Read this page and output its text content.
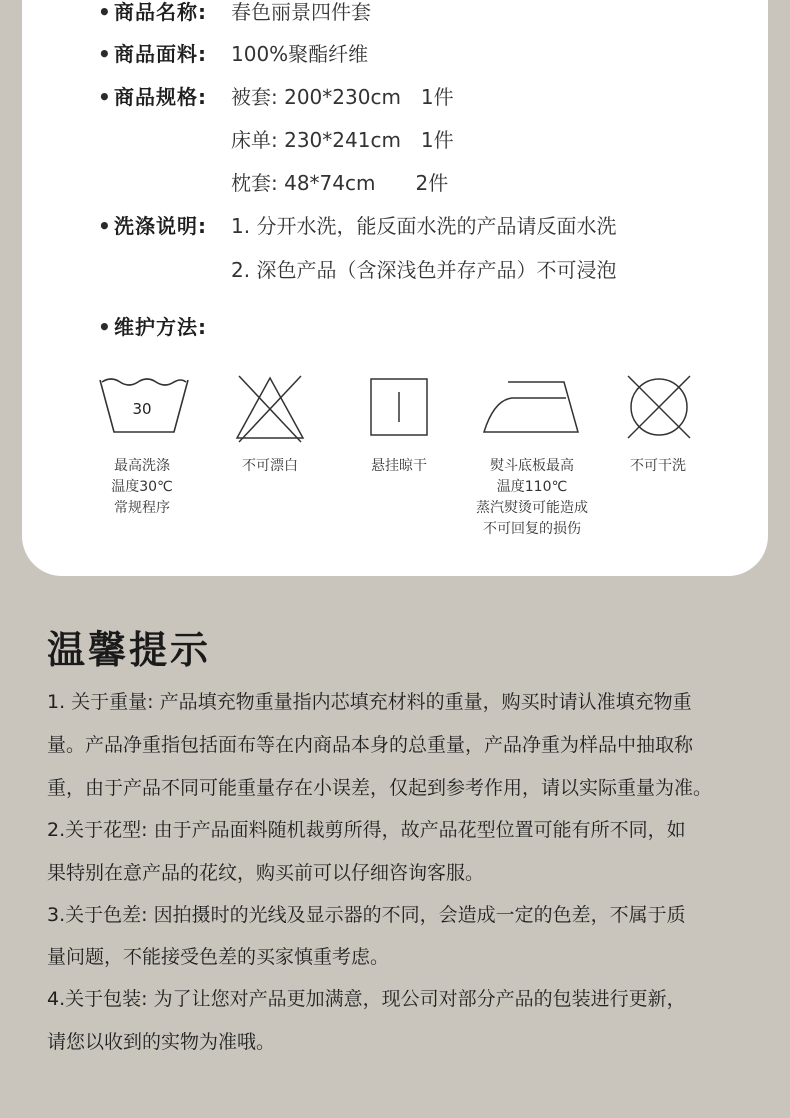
• 商品名称: 春色丽景四件套
• 商品面料: 100%聚酯纤维
• 商品规格: 被套: 200*230cm　1件
床单: 230*241cm　1件
枕套: 48*74cm　　2件
• 洗涤说明: 1. 分开水洗，能反面水洗的产品请反面水洗
2. 深色产品（含深浅色并存产品）不可浸泡
• 维护方法:
30
最高洗涤
温度30℃
常规程序
不可漂白	悬挂晾干	熨斗底板最高
温度110℃
蒸汽熨烫可能造成
不可回复的损伤
不可干洗
温馨提示
1. 关于重量: 产品填充物重量指内芯填充材料的重量，购买时请认准填充物重
量。产品净重指包括面布等在内商品本身的总重量，产品净重为样品中抽取称
重，由于产品不同可能重量存在小误差，仅起到参考作用，请以实际重量为准。
2.关于花型: 由于产品面料随机裁剪所得，故产品花型位置可能有所不同，如
果特别在意产品的花纹，购买前可以仔细咨询客服。
3.关于色差: 因拍摄时的光线及显示器的不同，会造成一定的色差，不属于质
量问题，不能接受色差的买家慎重考虑。
4.关于包装: 为了让您对产品更加满意，现公司对部分产品的包装进行更新，
请您以收到的实物为准哦。
